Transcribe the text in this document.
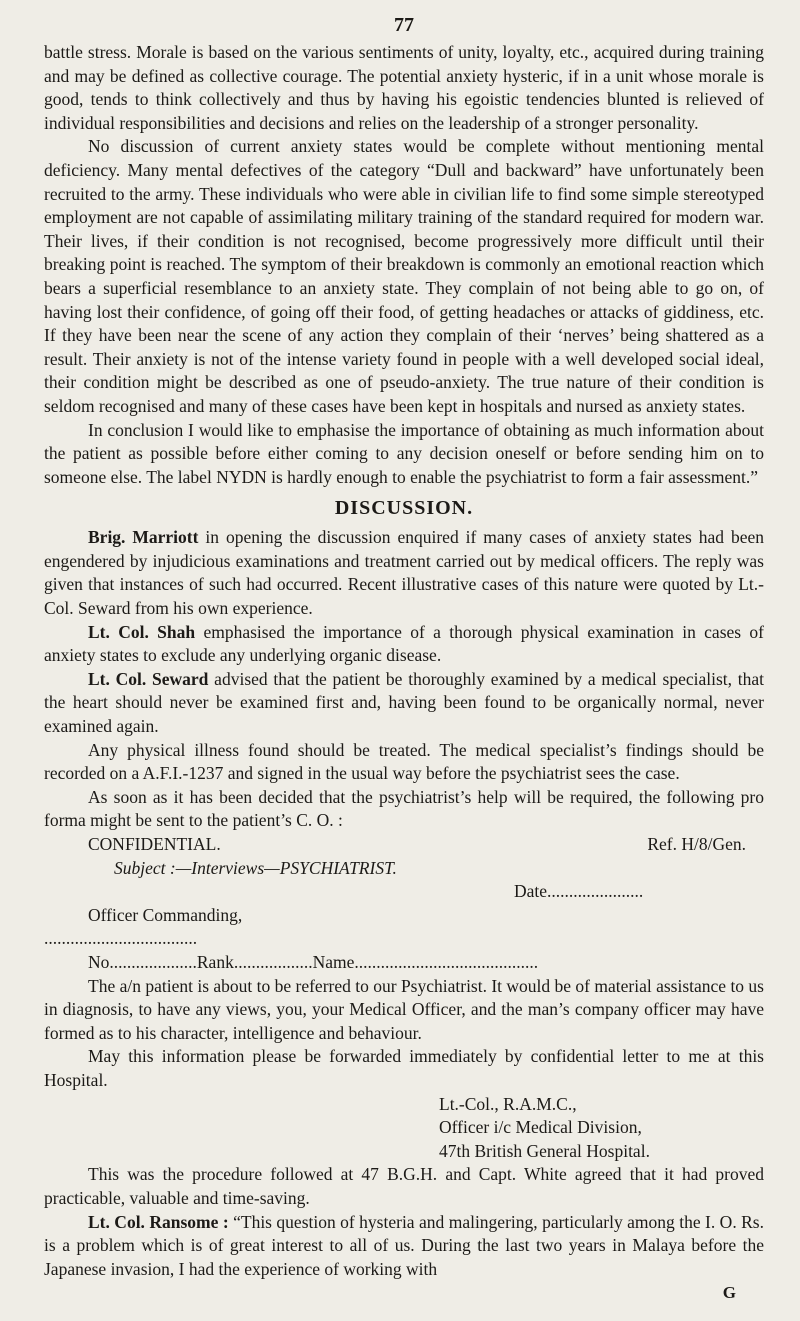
77

battle stress. Morale is based on the various sentiments of unity, loyalty, etc., acquired during training and may be defined as collective courage. The potential anxiety hysteric, if in a unit whose morale is good, tends to think collectively and thus by having his egoistic tendencies blunted is relieved of individual responsibilities and decisions and relies on the leadership of a stronger personality.

No discussion of current anxiety states would be complete without mentioning mental deficiency. Many mental defectives of the category “Dull and backward” have unfortunately been recruited to the army. These individuals who were able in civilian life to find some simple stereotyped employment are not capable of assimilating military training of the standard required for modern war. Their lives, if their condition is not recognised, become progressively more difficult until their breaking point is reached. The symptom of their breakdown is commonly an emotional reaction which bears a superficial resemblance to an anxiety state. They complain of not being able to go on, of having lost their confidence, of going off their food, of getting headaches or attacks of giddiness, etc. If they have been near the scene of any action they complain of their ‘nerves’ being shattered as a result. Their anxiety is not of the intense variety found in people with a well developed social ideal, their condition might be described as one of pseudo-anxiety. The true nature of their condition is seldom recognised and many of these cases have been kept in hospitals and nursed as anxiety states.

In conclusion I would like to emphasise the importance of obtaining as much information about the patient as possible before either coming to any decision oneself or before sending him on to someone else. The label NYDN is hardly enough to enable the psychiatrist to form a fair assessment.”

DISCUSSION.

Brig. Marriott in opening the discussion enquired if many cases of anxiety states had been engendered by injudicious examinations and treatment carried out by medical officers. The reply was given that instances of such had occurred. Recent illustrative cases of this nature were quoted by Lt.-Col. Seward from his own experience.

Lt. Col. Shah emphasised the importance of a thorough physical examination in cases of anxiety states to exclude any underlying organic disease.

Lt. Col. Seward advised that the patient be thoroughly examined by a medical specialist, that the heart should never be examined first and, having been found to be organically normal, never examined again.

Any physical illness found should be treated. The medical specialist’s findings should be recorded on a A.F.I.-1237 and signed in the usual way before the psychiatrist sees the case.

As soon as it has been decided that the psychiatrist’s help will be required, the following pro forma might be sent to the patient’s C. O. :

CONFIDENTIAL.	Ref. H/8/Gen.
Subject :—Interviews—PSYCHIATRIST.
Date......................
Officer Commanding,
...................................
No....................Rank..................Name..........................................

The a/n patient is about to be referred to our Psychiatrist. It would be of material assistance to us in diagnosis, to have any views, you, your Medical Officer, and the man’s company officer may have formed as to his character, intelligence and behaviour.

May this information please be forwarded immediately by confidential letter to me at this Hospital.

Lt.-Col., R.A.M.C.,
Officer i/c Medical Division,
47th British General Hospital.

This was the procedure followed at 47 B.G.H. and Capt. White agreed that it had proved practicable, valuable and time-saving.

Lt. Col. Ransome : “This question of hysteria and malingering, particularly among the I. O. Rs. is a problem which is of great interest to all of us. During the last two years in Malaya before the Japanese invasion, I had the experience of working with

G
